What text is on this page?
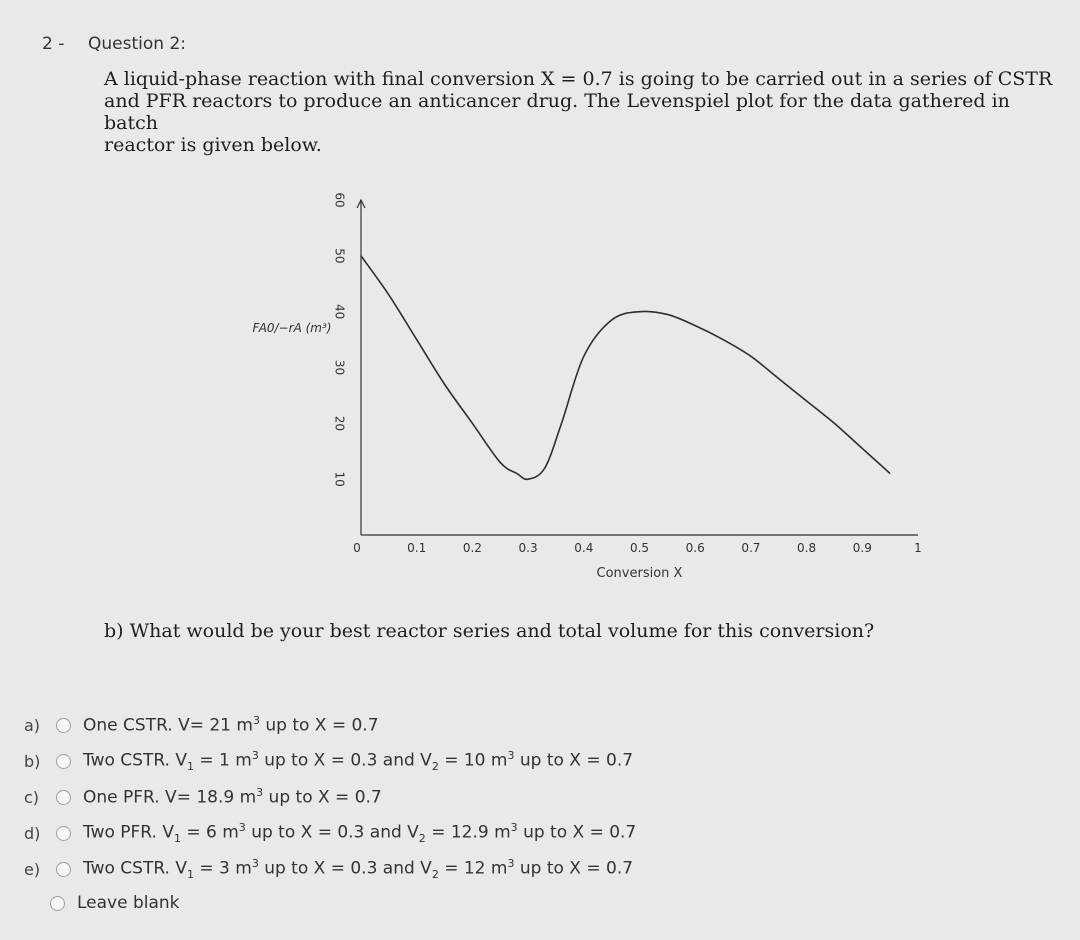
2 - Question 2:

A liquid-phase reaction with final conversion X = 0.7 is going to be carried out in a series of CSTR

and PFR reactors to produce an anticancer drug. The Levenspiel plot for the data gathered in batch

reactor is given below.

0	0.1	0.2	0.3	0.4	0.5	0.6	0.7	0.8	0.9	1
10
20
30
40
50
60
FA0/−rA (m³)
Conversion X
b) What would be your best reactor series and total volume for this conversion?
a)	One CSTR. V= 21 $m^3$ up to X = 0.7
b)	Two CSTR. $V_1 = 1$ $m^3$ up to X = 0.3 and $V_2 = 10$ $m^3$ up to X = 0.7
c)	One PFR. V= 18.9 $m^3$ up to X = 0.7
d)	Two PFR. $V_1 = 6$ $m^3$ up to X = 0.3 and $V_2 = 12.9$ $m^3$ up to X = 0.7
e)	Two CSTR. $V_1 = 3$ $m^3$ up to X = 0.3 and $V_2 = 12$ $m^3$ up to X = 0.7
Leave blank
